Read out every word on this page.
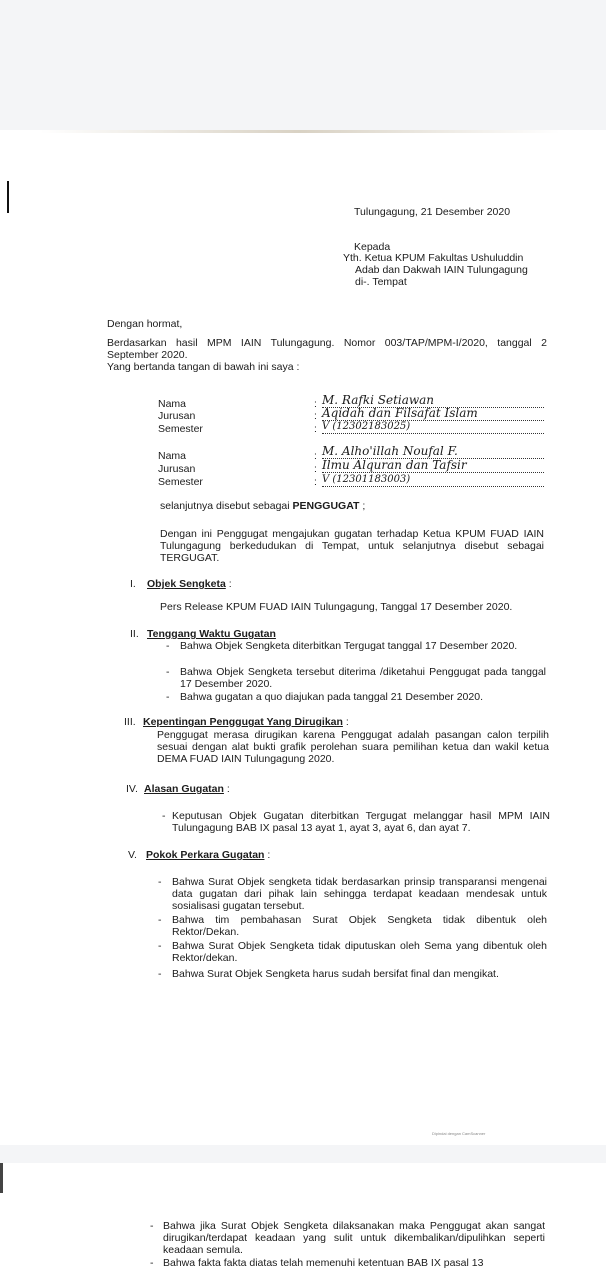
Tulungagung, 21 Desember 2020
Kepada
Yth. Ketua KPUM Fakultas Ushuluddin
Adab dan Dakwah IAIN Tulungagung
di-. Tempat
Dengan hormat,
Berdasarkan hasil MPM IAIN Tulungagung. Nomor 003/TAP/MPM-I/2020, tanggal 2 September 2020.
Yang bertanda tangan di bawah ini saya :
Nama
Jurusan
Semester
:
:
:
M. Rafki Setiawan
Aqidah dan Filsafat Islam
V (12302183025)
Nama
Jurusan
Semester
:
:
:
M. Alho'illah Noufal F.
Ilmu Alquran dan Tafsir
V (12301183003)
selanjutnya disebut sebagai PENGGUGAT ;
Dengan ini Penggugat mengajukan gugatan terhadap Ketua KPUM FUAD IAIN Tulungagung berkedudukan di Tempat, untuk selanjutnya disebut sebagai TERGUGAT.
I. Objek Sengketa :
Pers Release KPUM FUAD IAIN Tulungagung, Tanggal 17 Desember 2020.
II. Tenggang Waktu Gugatan
- Bahwa Objek Sengketa diterbitkan Tergugat tanggal 17 Desember 2020.
- Bahwa Objek Sengketa tersebut diterima /diketahui Penggugat pada tanggal 17 Desember 2020.
- Bahwa gugatan a quo diajukan pada tanggal 21 Desember 2020.
III. Kepentingan Penggugat Yang Dirugikan :
Penggugat merasa dirugikan karena Penggugat adalah pasangan calon terpilih sesuai dengan alat bukti grafik perolehan suara pemilihan ketua dan wakil ketua DEMA FUAD IAIN Tulungagung 2020.
IV. Alasan Gugatan :
- Keputusan Objek Gugatan diterbitkan Tergugat melanggar hasil MPM IAIN Tulungagung BAB IX pasal 13 ayat 1, ayat 3, ayat 6, dan ayat 7.
V. Pokok Perkara Gugatan :
- Bahwa Surat Objek sengketa tidak berdasarkan prinsip transparansi mengenai data gugatan dari pihak lain sehingga terdapat keadaan mendesak untuk sosialisasi gugatan tersebut.
- Bahwa tim pembahasan Surat Objek Sengketa tidak dibentuk oleh Rektor/Dekan.
- Bahwa Surat Objek Sengketa tidak diputuskan oleh Sema yang dibentuk oleh Rektor/dekan.
- Bahwa Surat Objek Sengketa harus sudah bersifat final dan mengikat.
Dipindai dengan CamScanner
- Bahwa jika Surat Objek Sengketa dilaksanakan maka Penggugat akan sangat dirugikan/terdapat keadaan yang sulit untuk dikembalikan/dipulihkan seperti keadaan semula.
- Bahwa fakta fakta diatas telah memenuhi ketentuan BAB IX pasal 13
